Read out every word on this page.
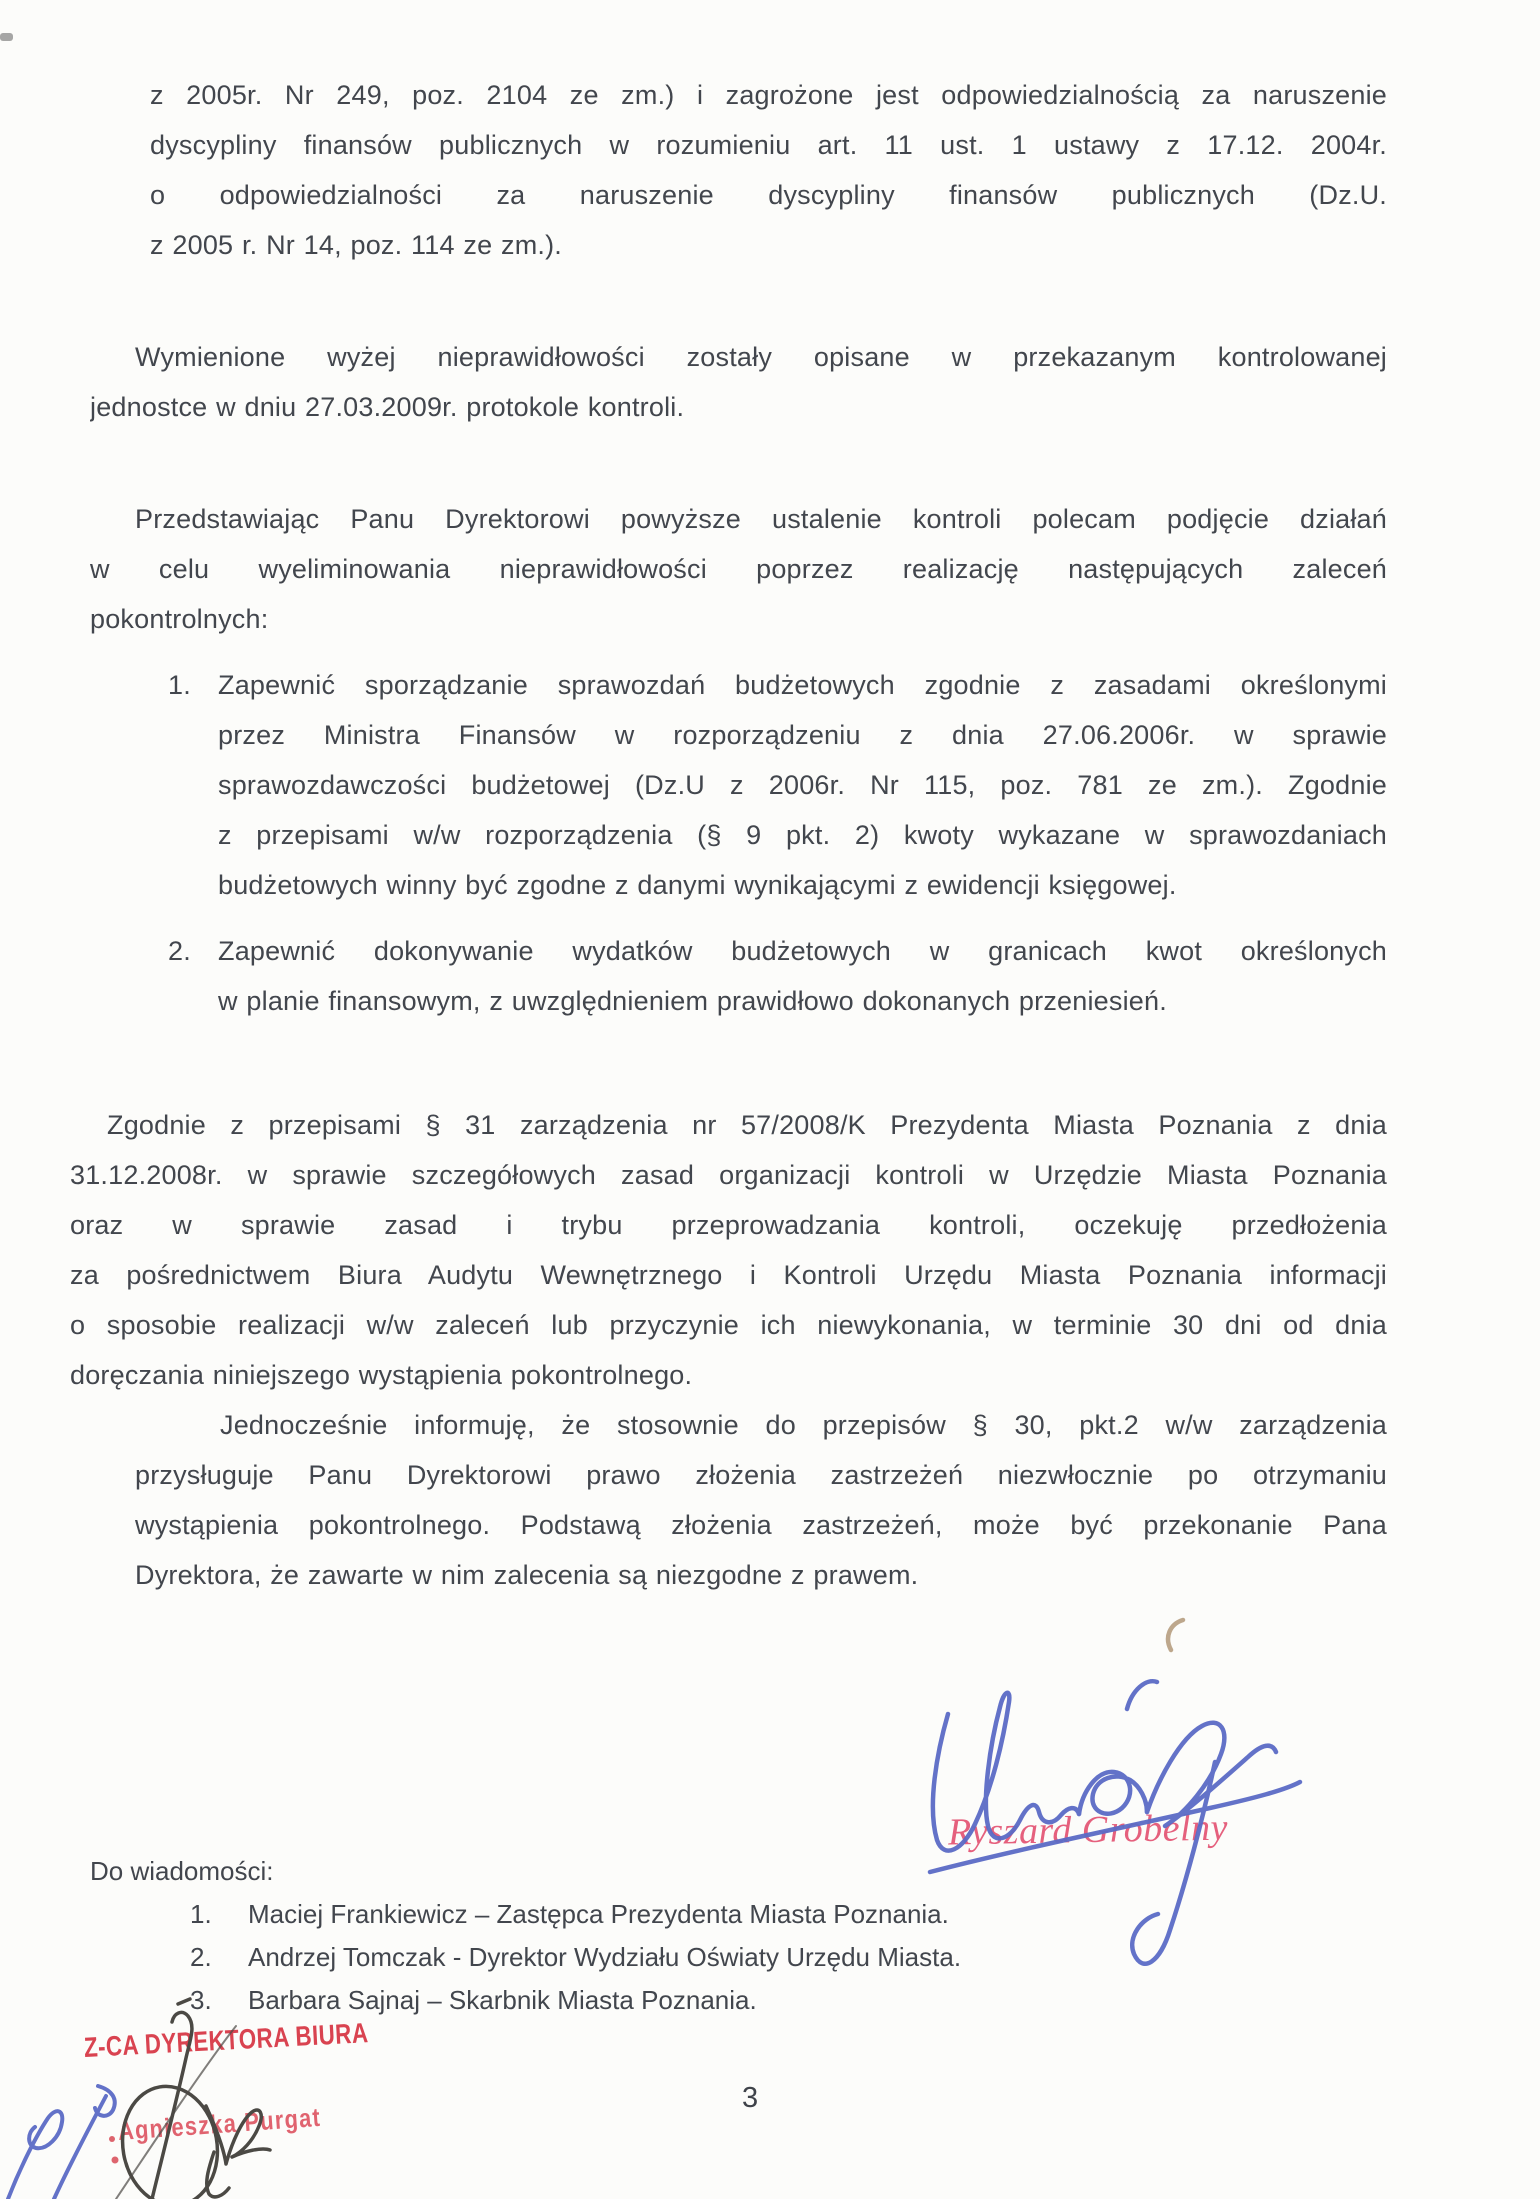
z 2005r. Nr 249, poz. 2104 ze zm.) i zagrożone jest odpowiedzialnością za naruszenie
dyscypliny finansów publicznych w rozumieniu art. 11 ust. 1 ustawy z 17.12. 2004r.
o odpowiedzialności za naruszenie dyscypliny finansów publicznych (Dz.U.
z 2005 r. Nr 14, poz. 114 ze zm.).
Wymienione wyżej nieprawidłowości zostały opisane w przekazanym kontrolowanej
jednostce w dniu 27.03.2009r. protokole kontroli.
Przedstawiając Panu Dyrektorowi powyższe ustalenie kontroli polecam podjęcie działań
w celu wyeliminowania nieprawidłowości poprzez realizację następujących zaleceń
pokontrolnych:
1. Zapewnić sporządzanie sprawozdań budżetowych zgodnie z zasadami określonymi
przez Ministra Finansów w rozporządzeniu z dnia 27.06.2006r. w sprawie
sprawozdawczości budżetowej (Dz.U z 2006r. Nr 115, poz. 781 ze zm.). Zgodnie
z przepisami w/w rozporządzenia (§ 9 pkt. 2) kwoty wykazane w sprawozdaniach
budżetowych winny być zgodne z danymi wynikającymi z ewidencji księgowej.
2. Zapewnić dokonywanie wydatków budżetowych w granicach kwot określonych
w planie finansowym, z uwzględnieniem prawidłowo dokonanych przeniesień.
Zgodnie z przepisami § 31 zarządzenia nr 57/2008/K Prezydenta Miasta Poznania z dnia
31.12.2008r. w sprawie szczegółowych zasad organizacji kontroli w Urzędzie Miasta Poznania
oraz w sprawie zasad i trybu przeprowadzania kontroli, oczekuję przedłożenia
za pośrednictwem Biura Audytu Wewnętrznego i Kontroli Urzędu Miasta Poznania informacji
o sposobie realizacji w/w zaleceń lub przyczynie ich niewykonania, w terminie 30 dni od dnia
doręczania niniejszego wystąpienia pokontrolnego.
Jednocześnie informuję, że stosownie do przepisów § 30, pkt.2 w/w zarządzenia
przysługuje Panu Dyrektorowi prawo złożenia zastrzeżeń niezwłocznie po otrzymaniu
wystąpienia pokontrolnego. Podstawą złożenia zastrzeżeń, może być przekonanie Pana
Dyrektora, że zawarte w nim zalecenia są niezgodne z prawem.
Ryszard Grobelny
Do wiadomości:
1. Maciej Frankiewicz – Zastępca Prezydenta Miasta Poznania.
2. Andrzej Tomczak - Dyrektor Wydziału Oświaty Urzędu Miasta.
3. Barbara Sajnaj – Skarbnik Miasta Poznania.
Z-CA DYREKTORA BIURA
Agnieszka Purgat
3
